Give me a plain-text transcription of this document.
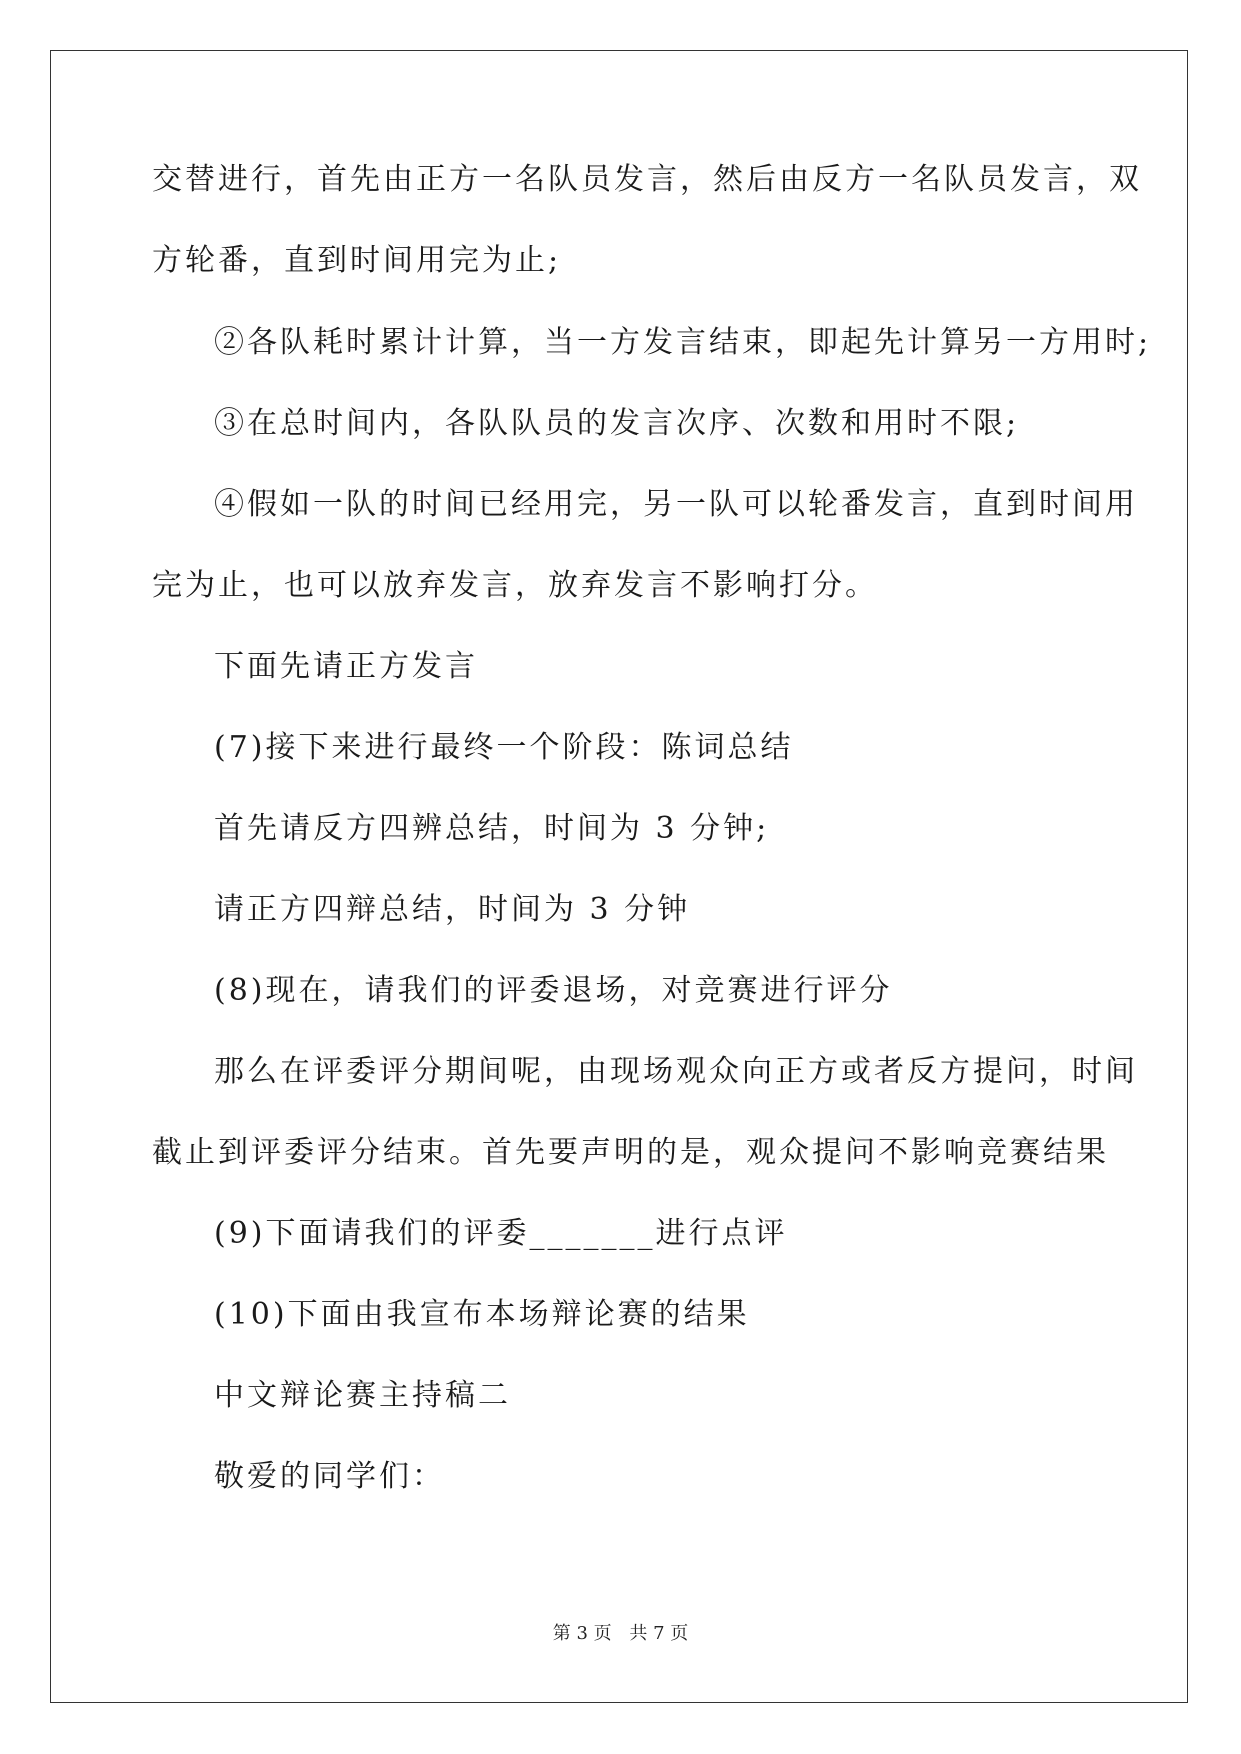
交替进行，首先由正方一名队员发言，然后由反方一名队员发言，双
方轮番，直到时间用完为止;
②各队耗时累计计算，当一方发言结束，即起先计算另一方用时;
③在总时间内，各队队员的发言次序、次数和用时不限;
④假如一队的时间已经用完，另一队可以轮番发言，直到时间用
完为止，也可以放弃发言，放弃发言不影响打分。
下面先请正方发言
(7)接下来进行最终一个阶段：陈词总结
首先请反方四辨总结，时间为 3 分钟;
请正方四辩总结，时间为 3 分钟
(8)现在，请我们的评委退场，对竞赛进行评分
那么在评委评分期间呢，由现场观众向正方或者反方提问，时间
截止到评委评分结束。首先要声明的是，观众提问不影响竞赛结果
(9)下面请我们的评委_______进行点评
(10)下面由我宣布本场辩论赛的结果
中文辩论赛主持稿二
敬爱的同学们：
第 3 页 共 7 页
